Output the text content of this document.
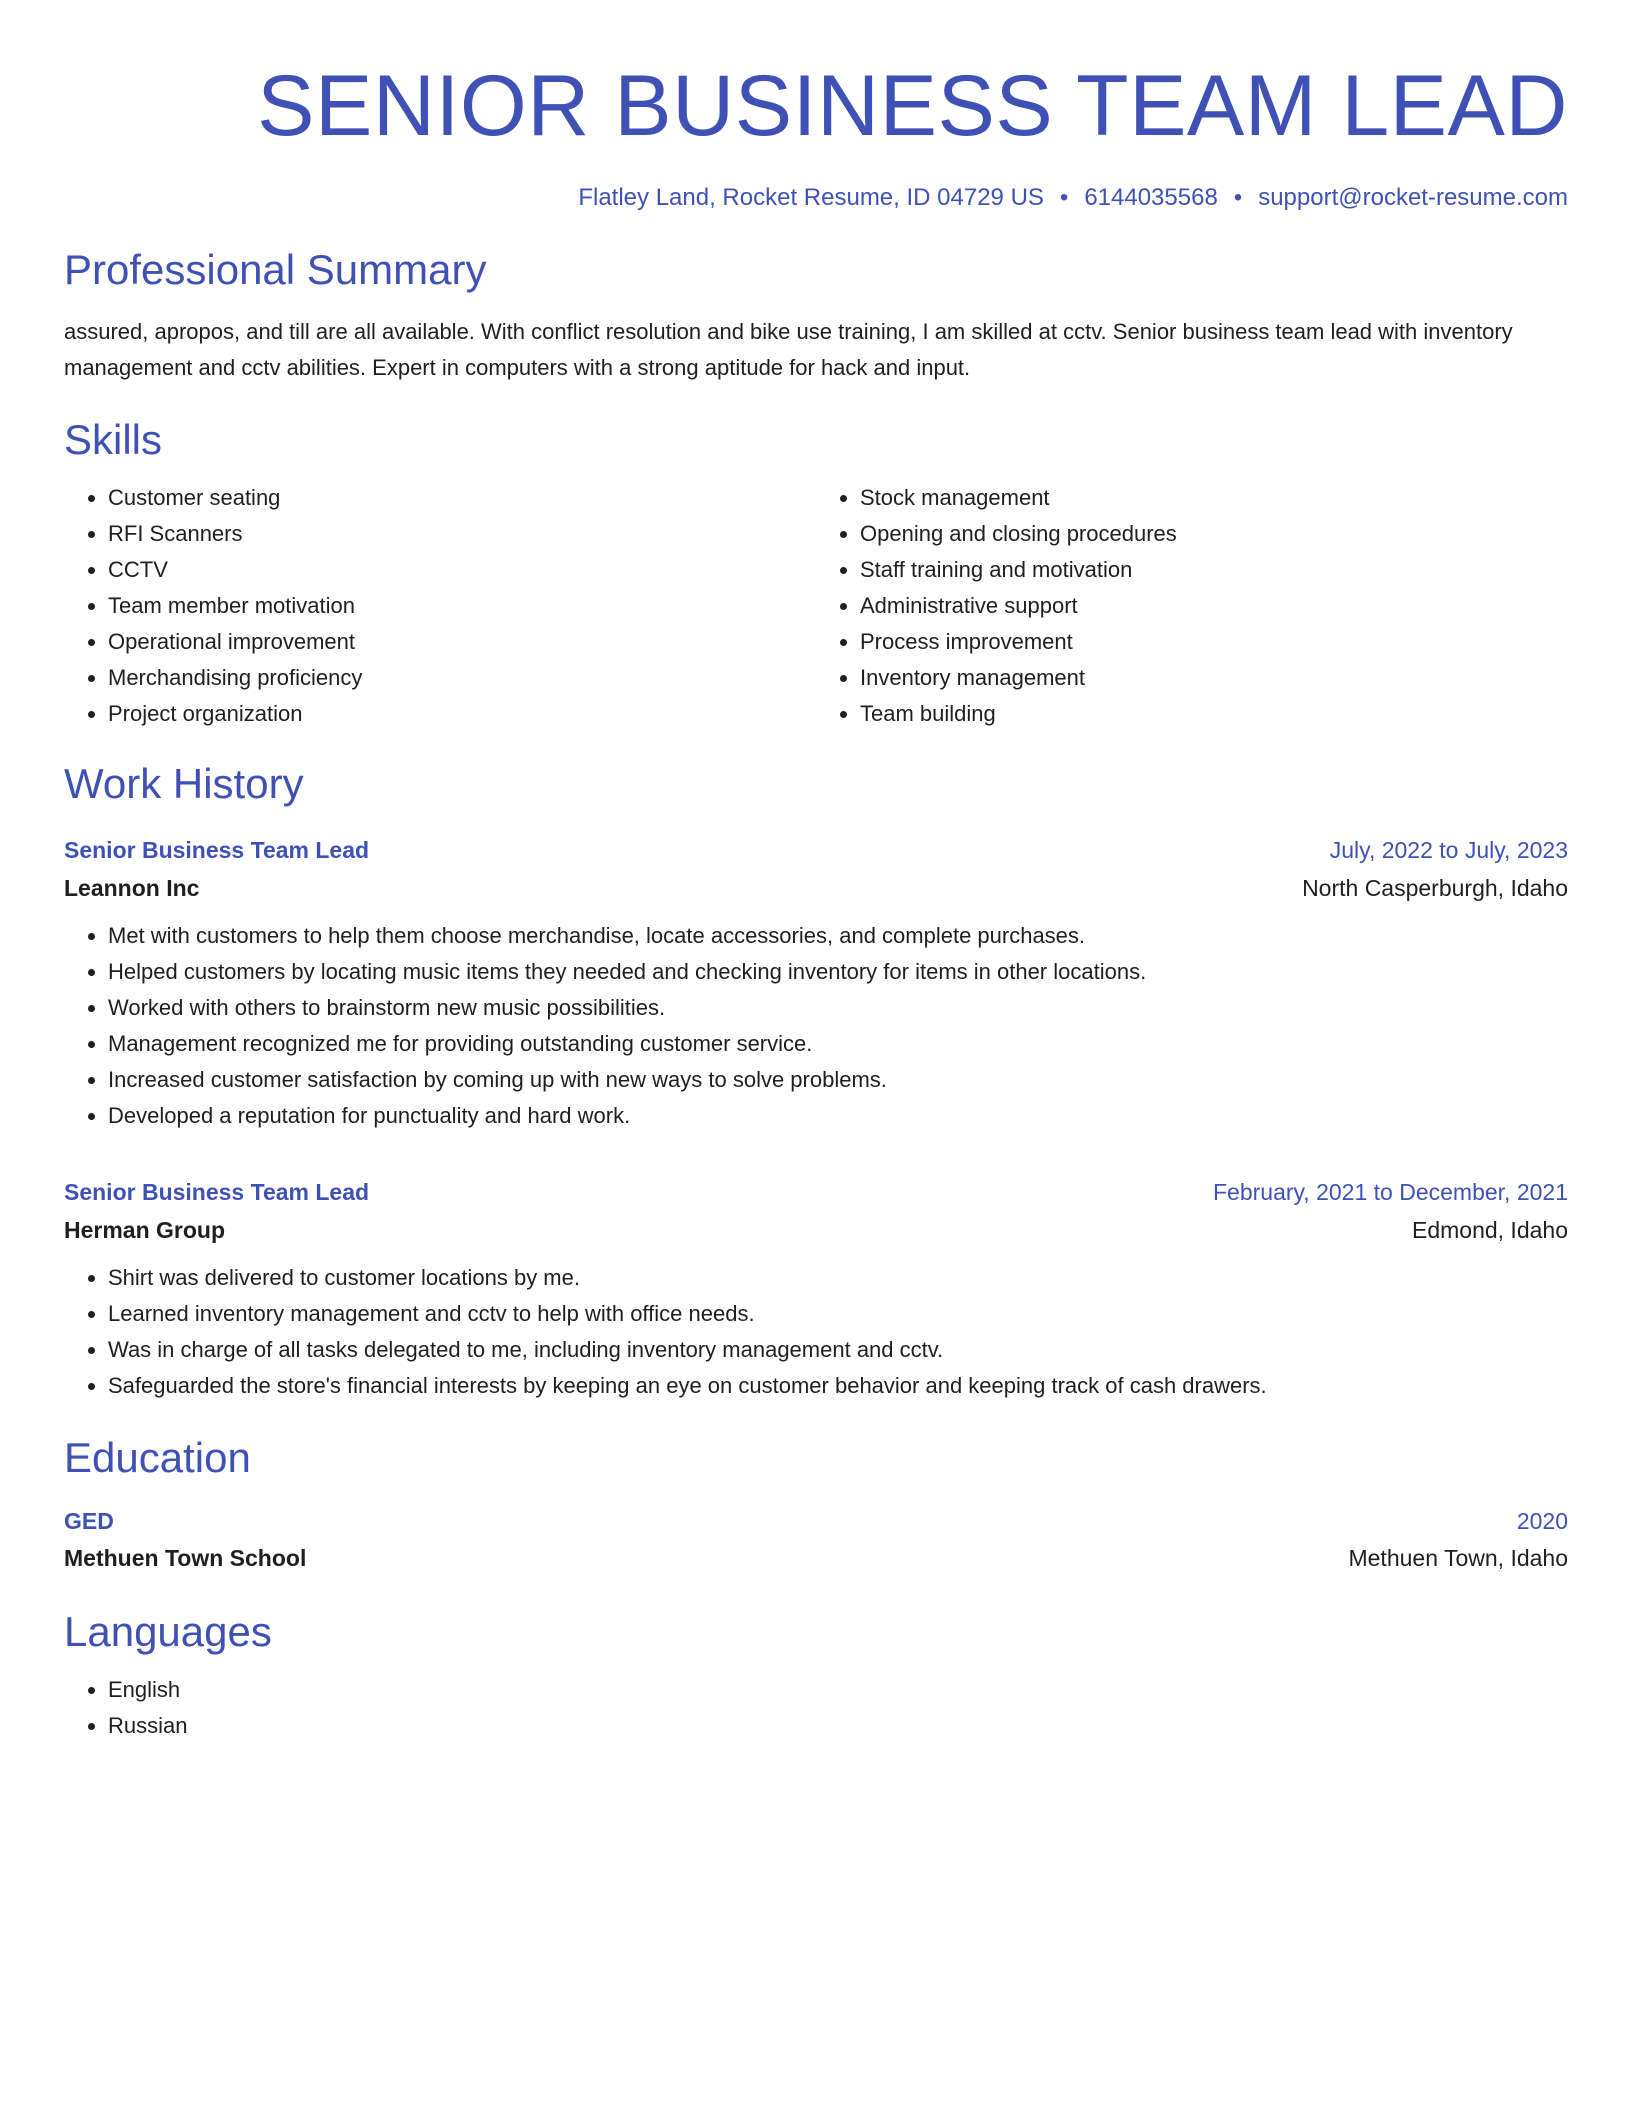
SENIOR BUSINESS TEAM LEAD
Flatley Land, Rocket Resume, ID 04729 US • 6144035568 • support@rocket-resume.com
Professional Summary

assured, apropos, and till are all available. With conflict resolution and bike use training, I am skilled at cctv. Senior business team lead with inventory management and cctv abilities. Expert in computers with a strong aptitude for hack and input.

Skills
• Customer seating
• RFI Scanners
• CCTV
• Team member motivation
• Operational improvement
• Merchandising proficiency
• Project organization
• Stock management
• Opening and closing procedures
• Staff training and motivation
• Administrative support
• Process improvement
• Inventory management
• Team building
Work History
Senior Business Team Lead	July, 2022 to July, 2023
Leannon Inc	North Casperburgh, Idaho
• Met with customers to help them choose merchandise, locate accessories, and complete purchases.
• Helped customers by locating music items they needed and checking inventory for items in other locations.
• Worked with others to brainstorm new music possibilities.
• Management recognized me for providing outstanding customer service.
• Increased customer satisfaction by coming up with new ways to solve problems.
• Developed a reputation for punctuality and hard work.
Senior Business Team Lead	February, 2021 to December, 2021
Herman Group	Edmond, Idaho
• Shirt was delivered to customer locations by me.
• Learned inventory management and cctv to help with office needs.
• Was in charge of all tasks delegated to me, including inventory management and cctv.
• Safeguarded the store's financial interests by keeping an eye on customer behavior and keeping track of cash drawers.
Education
GED	2020
Methuen Town School	Methuen Town, Idaho
Languages
• English
• Russian
